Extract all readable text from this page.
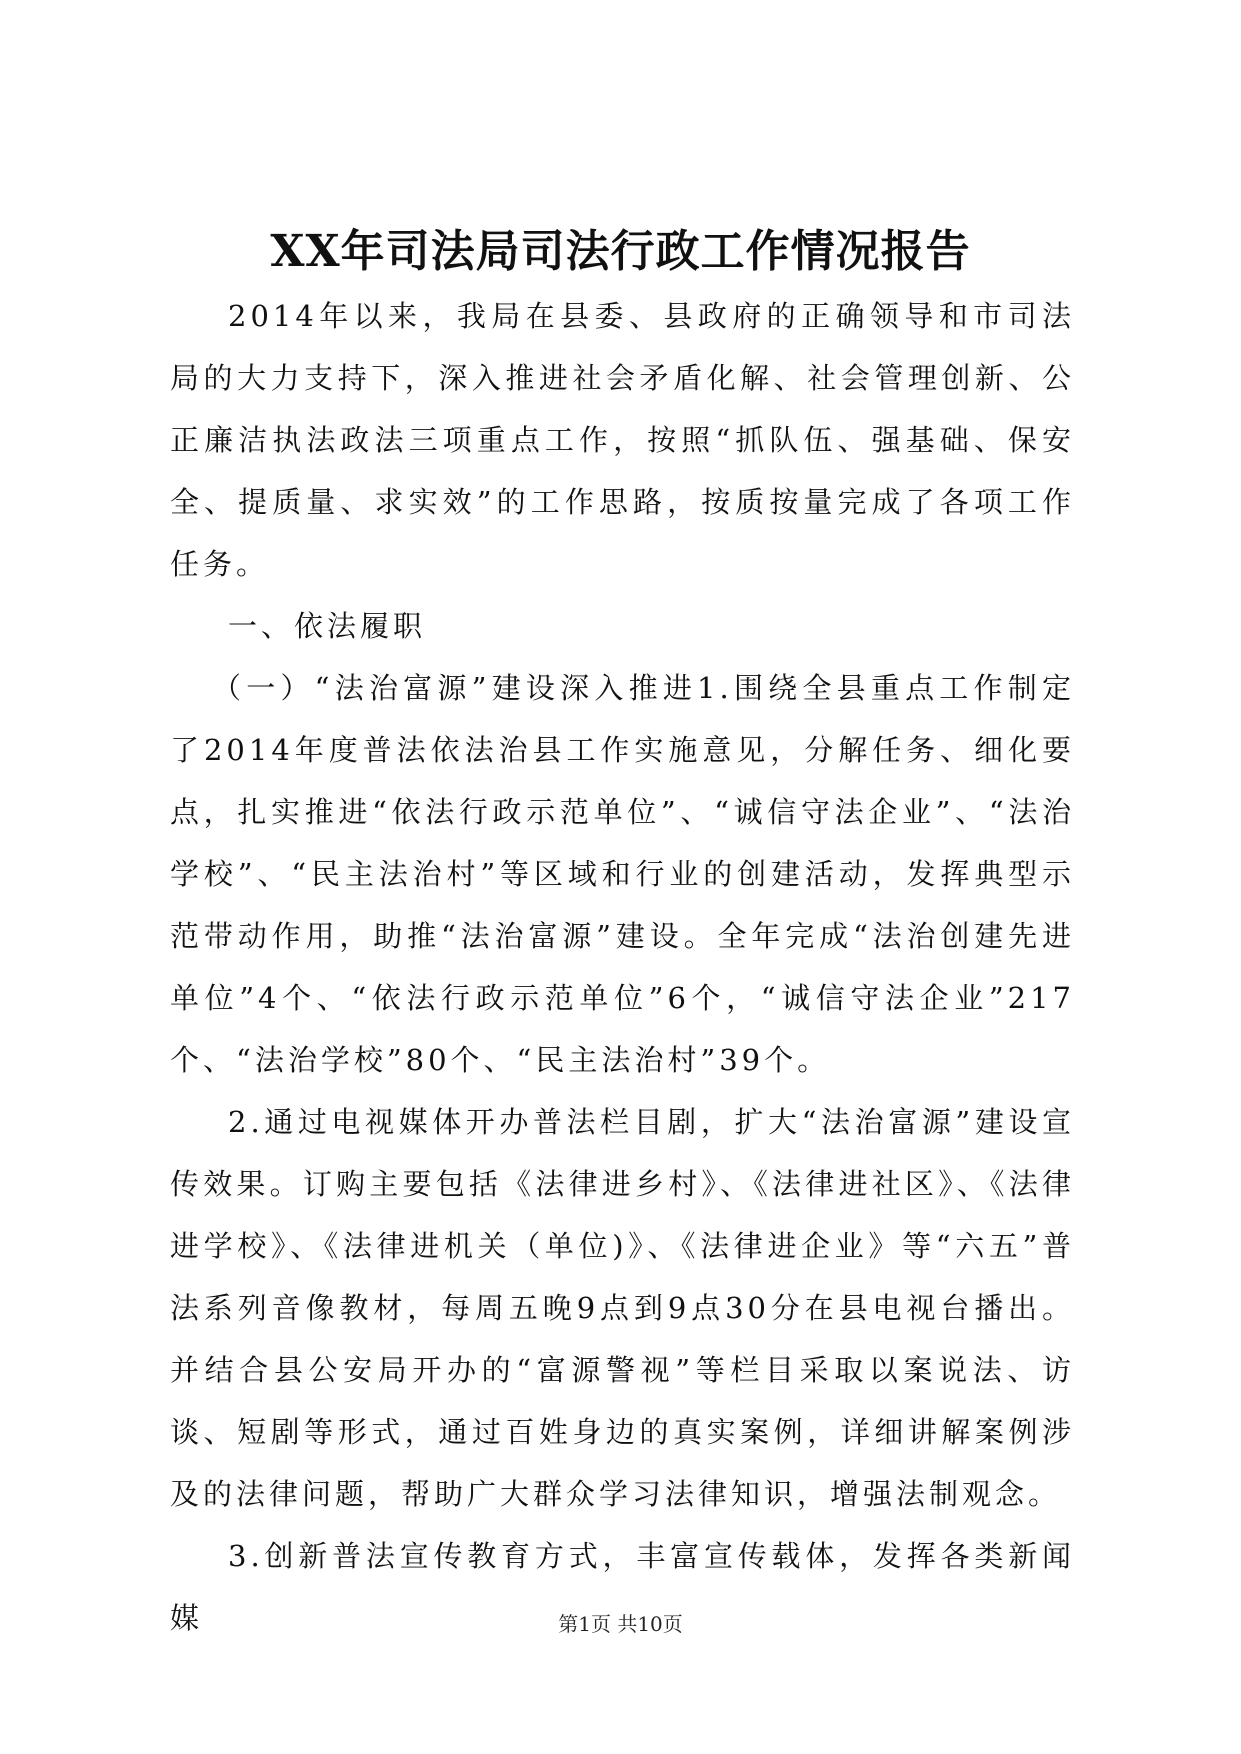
XX年司法局司法行政工作情况报告

2014年以来，我局在县委、县政府的正确领导和市司法局的大力支持下，深入推进社会矛盾化解、社会管理创新、公正廉洁执法政法三项重点工作，按照“抓队伍、强基础、保安全、提质量、求实效”的工作思路，按质按量完成了各项工作任务。

一、依法履职

（一）“法治富源”建设深入推进1.围绕全县重点工作制定了2014年度普法依法治县工作实施意见，分解任务、细化要点，扎实推进“依法行政示范单位”、“诚信守法企业”、“法治学校”、“民主法治村”等区域和行业的创建活动，发挥典型示范带动作用，助推“法治富源”建设。全年完成“法治创建先进单位”4个、“依法行政示范单位”6个，“诚信守法企业”217个、“法治学校”80个、“民主法治村”39个。

2.通过电视媒体开办普法栏目剧，扩大“法治富源”建设宣传效果。订购主要包括《法律进乡村》、《法律进社区》、《法律进学校》、《法律进机关（单位)》、《法律进企业》等“六五”普法系列音像教材，每周五晚9点到9点30分在县电视台播出。并结合县公安局开办的“富源警视”等栏目采取以案说法、访谈、短剧等形式，通过百姓身边的真实案例，详细讲解案例涉及的法律问题，帮助广大群众学习法律知识，增强法制观念。

3.创新普法宣传教育方式，丰富宣传载体，发挥各类新闻媒	第1页 共10页
